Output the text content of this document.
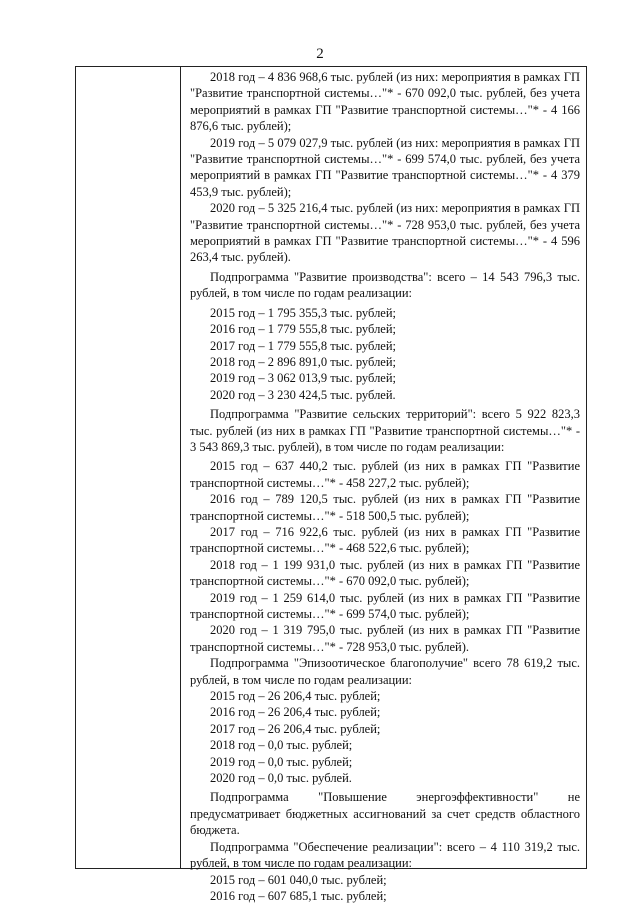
2

2018 год – 4 836 968,6 тыс. рублей (из них: мероприятия в рамках ГП "Развитие транспортной системы…"* - 670 092,0 тыс. рублей, без учета мероприятий в рамках ГП "Развитие транспортной системы…"* - 4 166 876,6 тыс. рублей);

2019 год – 5 079 027,9 тыс. рублей (из них: мероприятия в рамках ГП "Развитие транспортной системы…"* - 699 574,0 тыс. рублей, без учета мероприятий в рамках ГП "Развитие транспортной системы…"* - 4 379 453,9 тыс. рублей);

2020 год – 5 325 216,4 тыс. рублей (из них: мероприятия в рамках ГП "Развитие транспортной системы…"* - 728 953,0 тыс. рублей, без учета мероприятий в рамках ГП "Развитие транспортной системы…"* - 4 596 263,4 тыс. рублей).

Подпрограмма "Развитие производства": всего – 14 543 796,3 тыс. рублей, в том числе по годам реализации:

2015 год – 1 795 355,3 тыс. рублей;

2016 год – 1 779 555,8 тыс. рублей;

2017 год – 1 779 555,8 тыс. рублей;

2018 год – 2 896 891,0 тыс. рублей;

2019 год – 3 062 013,9 тыс. рублей;

2020 год – 3 230 424,5 тыс. рублей.

Подпрограмма "Развитие сельских территорий": всего 5 922 823,3 тыс. рублей (из них в рамках ГП "Развитие транспортной системы…"* - 3 543 869,3 тыс. рублей), в том числе по годам реализации:

2015 год – 637 440,2 тыс. рублей (из них в рамках ГП "Развитие транспортной системы…"* - 458 227,2 тыс. рублей);

2016 год – 789 120,5 тыс. рублей (из них в рамках ГП "Развитие транспортной системы…"* - 518 500,5 тыс. рублей);

2017 год – 716 922,6 тыс. рублей (из них в рамках ГП "Развитие транспортной системы…"* - 468 522,6 тыс. рублей);

2018 год – 1 199 931,0 тыс. рублей (из них в рамках ГП "Развитие транспортной системы…"* - 670 092,0 тыс. рублей);

2019 год – 1 259 614,0 тыс. рублей (из них в рамках ГП "Развитие транспортной системы…"* - 699 574,0 тыс. рублей);

2020 год – 1 319 795,0 тыс. рублей (из них в рамках ГП "Развитие транспортной системы…"* - 728 953,0 тыс. рублей).

Подпрограмма "Эпизоотическое благополучие" всего 78 619,2 тыс. рублей, в том числе по годам реализации:

2015 год – 26 206,4 тыс. рублей;

2016 год – 26 206,4 тыс. рублей;

2017 год – 26 206,4 тыс. рублей;

2018 год – 0,0 тыс. рублей;

2019 год – 0,0 тыс. рублей;

2020 год – 0,0 тыс. рублей.

Подпрограмма "Повышение энергоэффективности" не предусматривает бюджетных ассигнований за счет средств областного бюджета.

Подпрограмма "Обеспечение реализации": всего – 4 110 319,2 тыс. рублей, в том числе по годам реализации:

2015 год – 601 040,0 тыс. рублей;

2016 год – 607 685,1 тыс. рублей;
